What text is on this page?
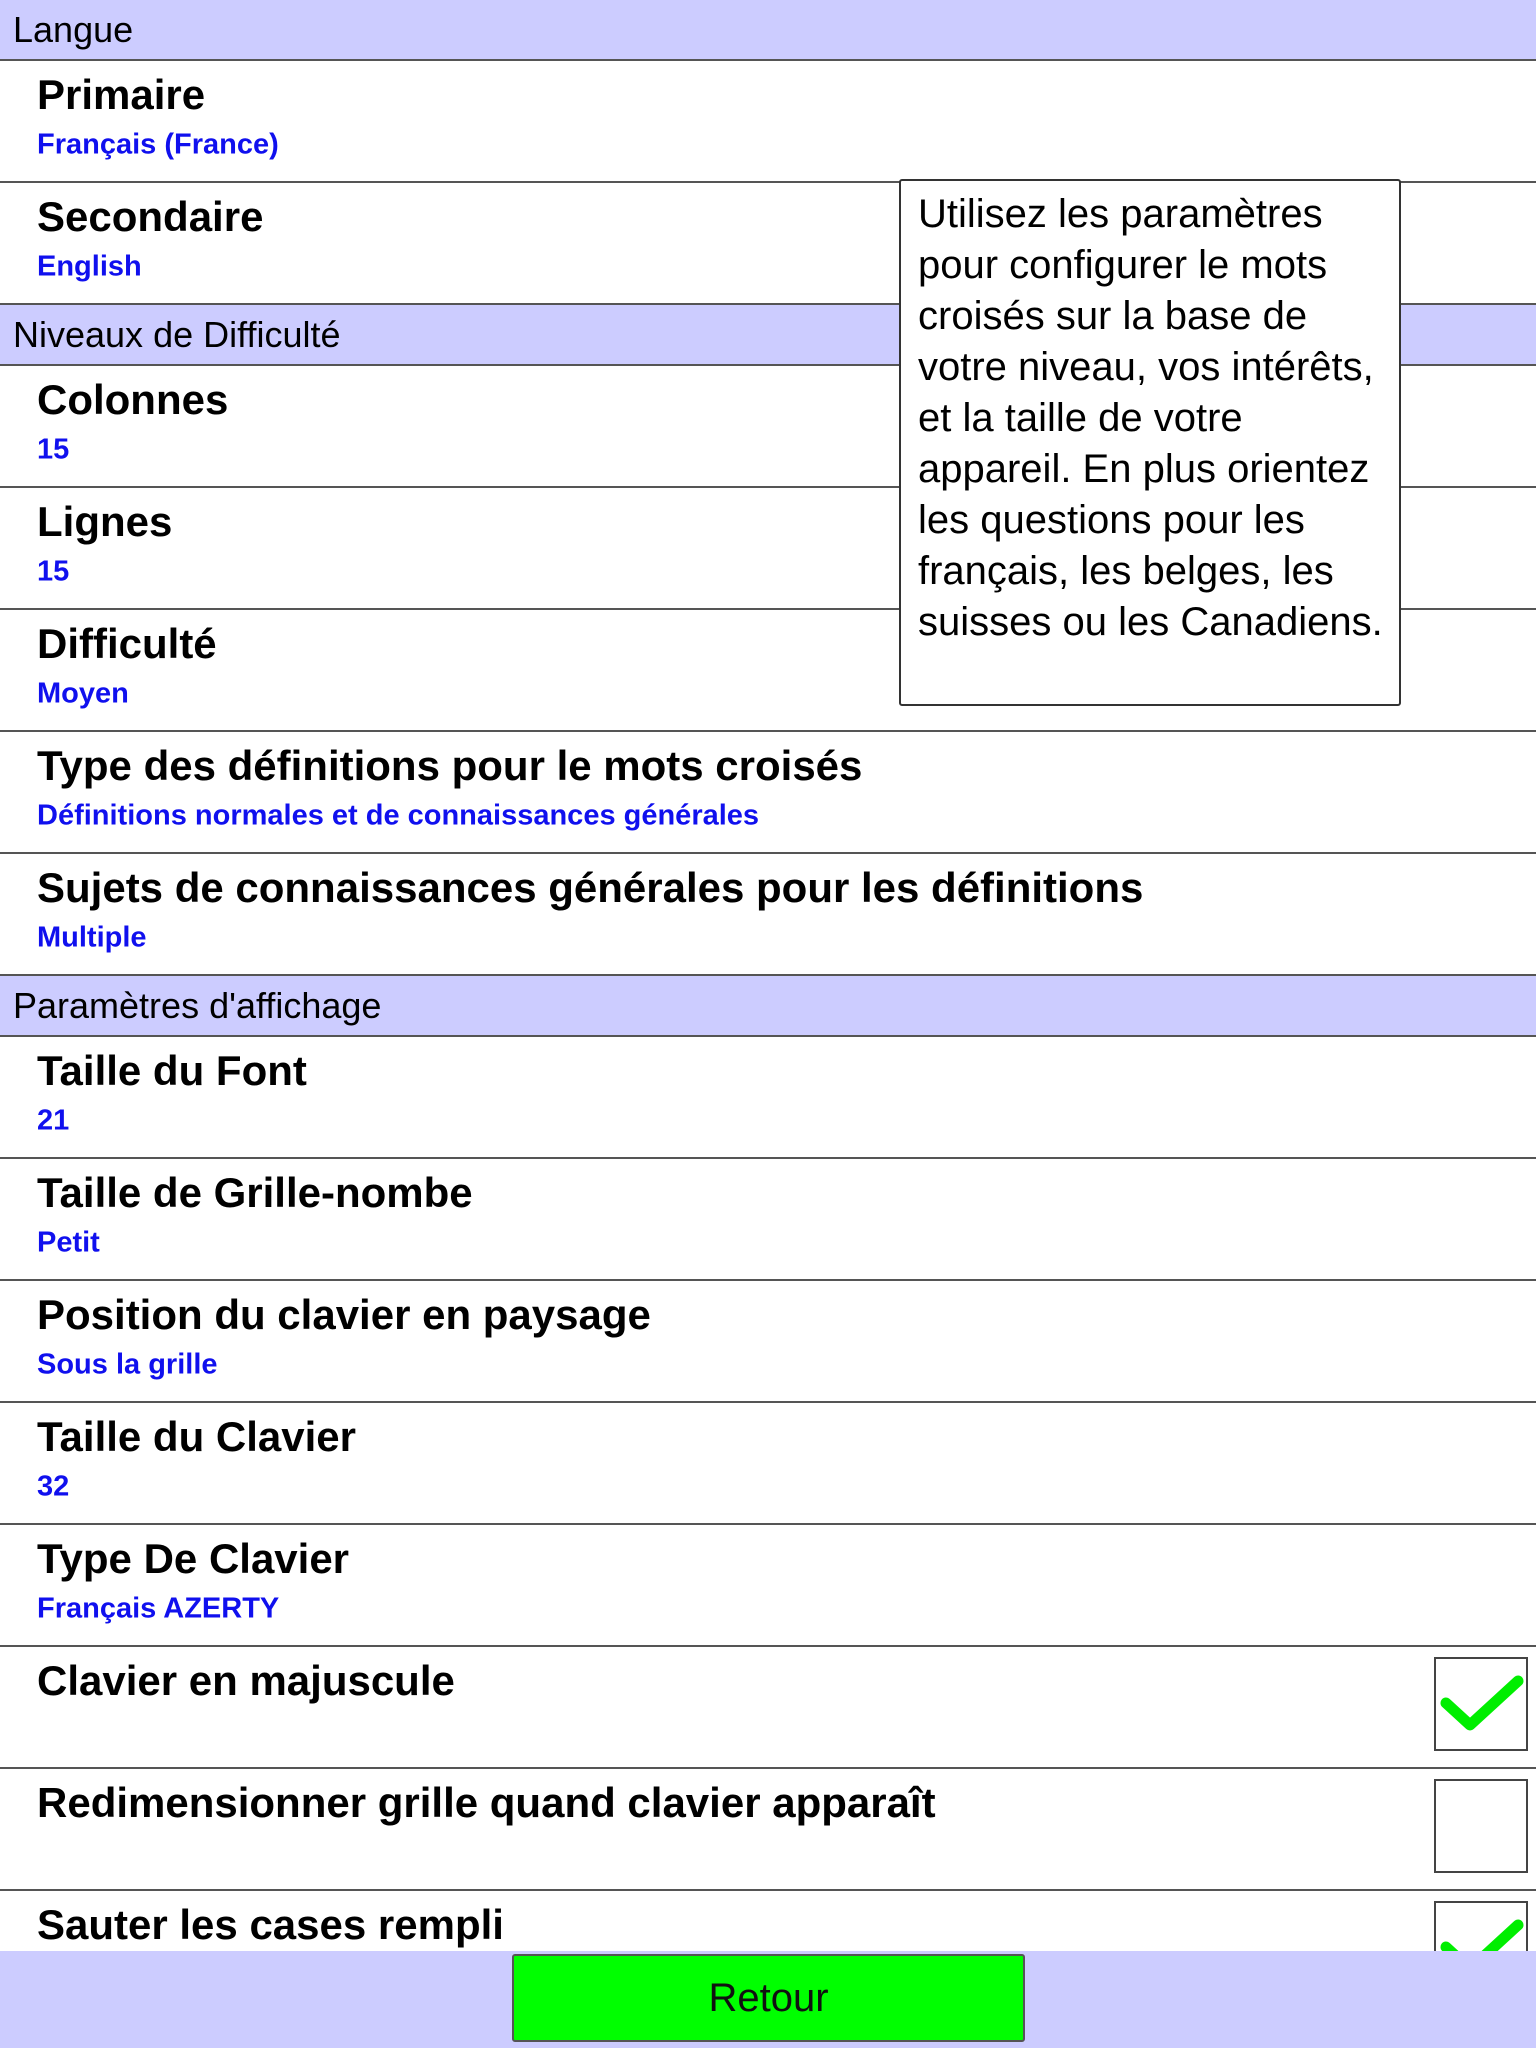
Langue
Primaire
Français (France)
Secondaire
English
Niveaux de Difficulté
Colonnes
15
Lignes
15
Difficulté
Moyen
Type des définitions pour le mots croisés
Définitions normales et de connaissances générales
Sujets de connaissances générales pour les définitions
Multiple
Paramètres d'affichage
Taille du Font
21
Taille de Grille-nombe
Petit
Position du clavier en paysage
Sous la grille
Taille du Clavier
32
Type De Clavier
Français AZERTY
Clavier en majuscule
Redimensionner grille quand clavier apparaît
Sauter les cases rempli
Utilisez les paramètres pour configurer le mots croisés sur la base de votre niveau, vos intérêts, et la taille de votre appareil. En plus orientez les questions pour les français, les belges, les suisses ou les Canadiens.
Retour
